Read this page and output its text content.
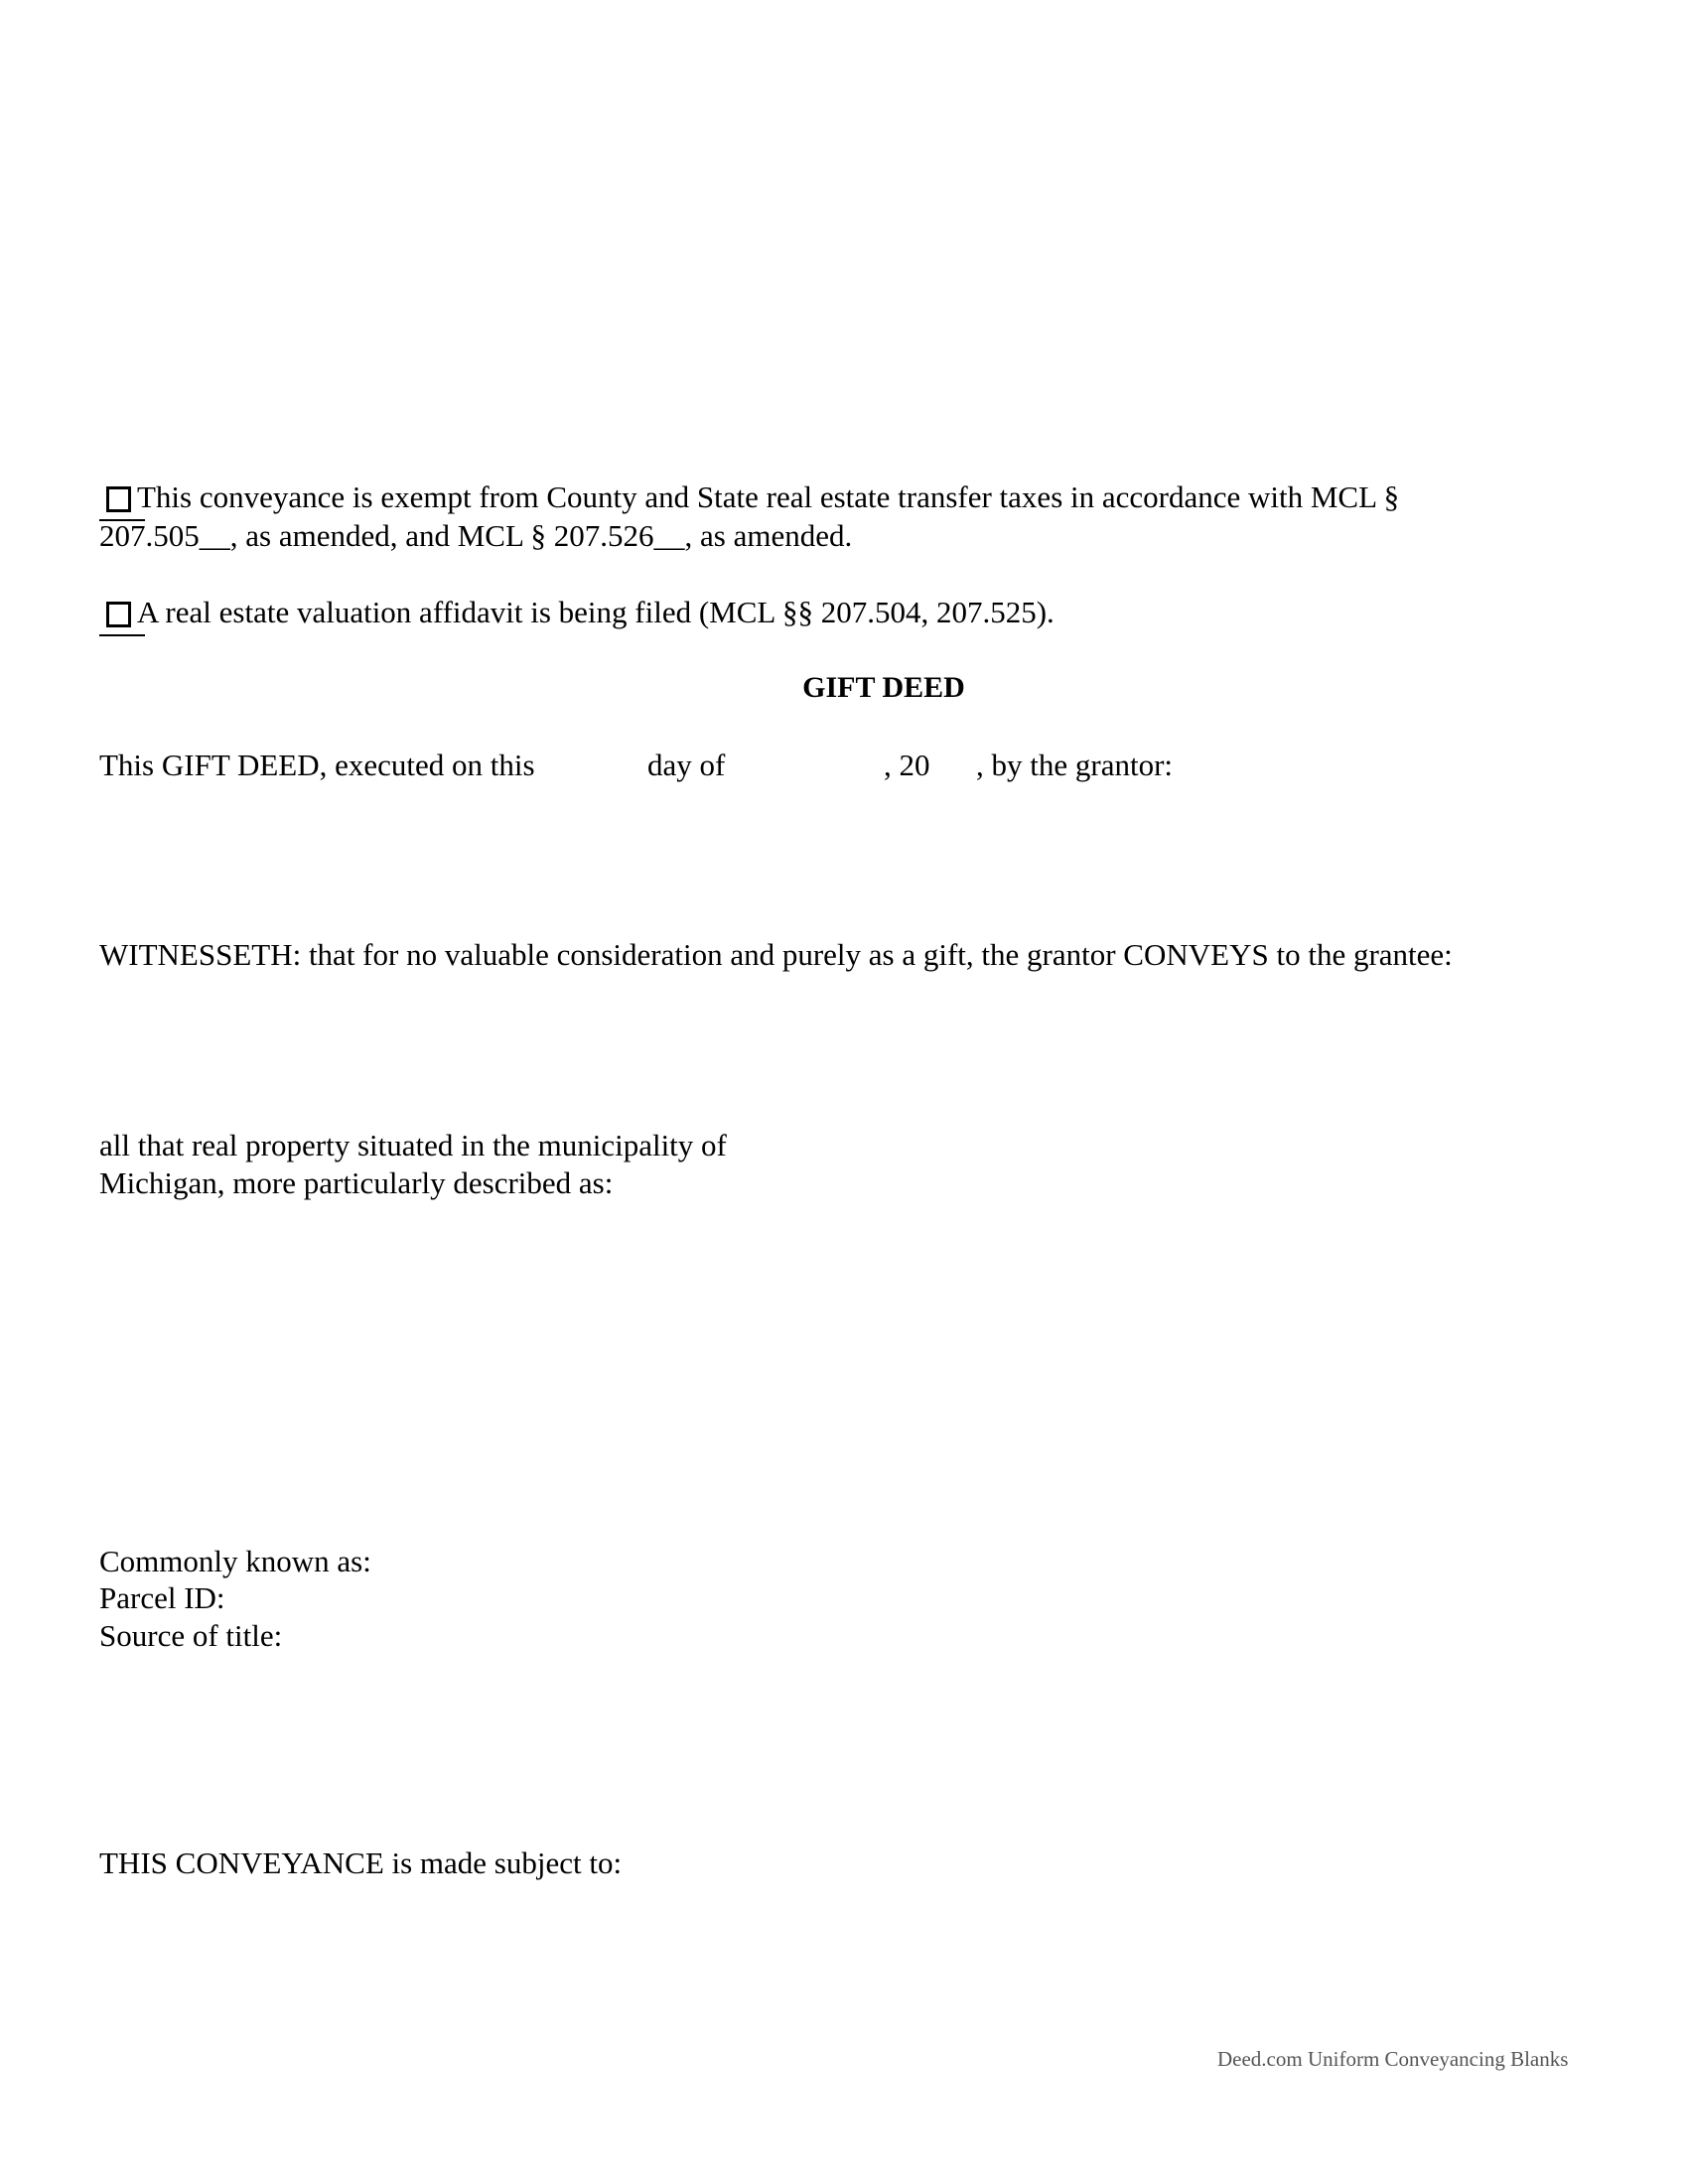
This conveyance is exempt from County and State real estate transfer taxes in accordance with MCL §
207.505__, as amended, and MCL § 207.526__, as amended.
A real estate valuation affidavit is being filed (MCL §§ 207.504, 207.525).
GIFT DEED
This GIFT DEED, executed on this	day of	, 20 , by the grantor:
WITNESSETH: that for no valuable consideration and purely as a gift, the grantor CONVEYS to the grantee:
all that real property situated in the municipality of
Michigan, more particularly described as:
Commonly known as:
Parcel ID:
Source of title:
THIS CONVEYANCE is made subject to:
Deed.com Uniform Conveyancing Blanks
